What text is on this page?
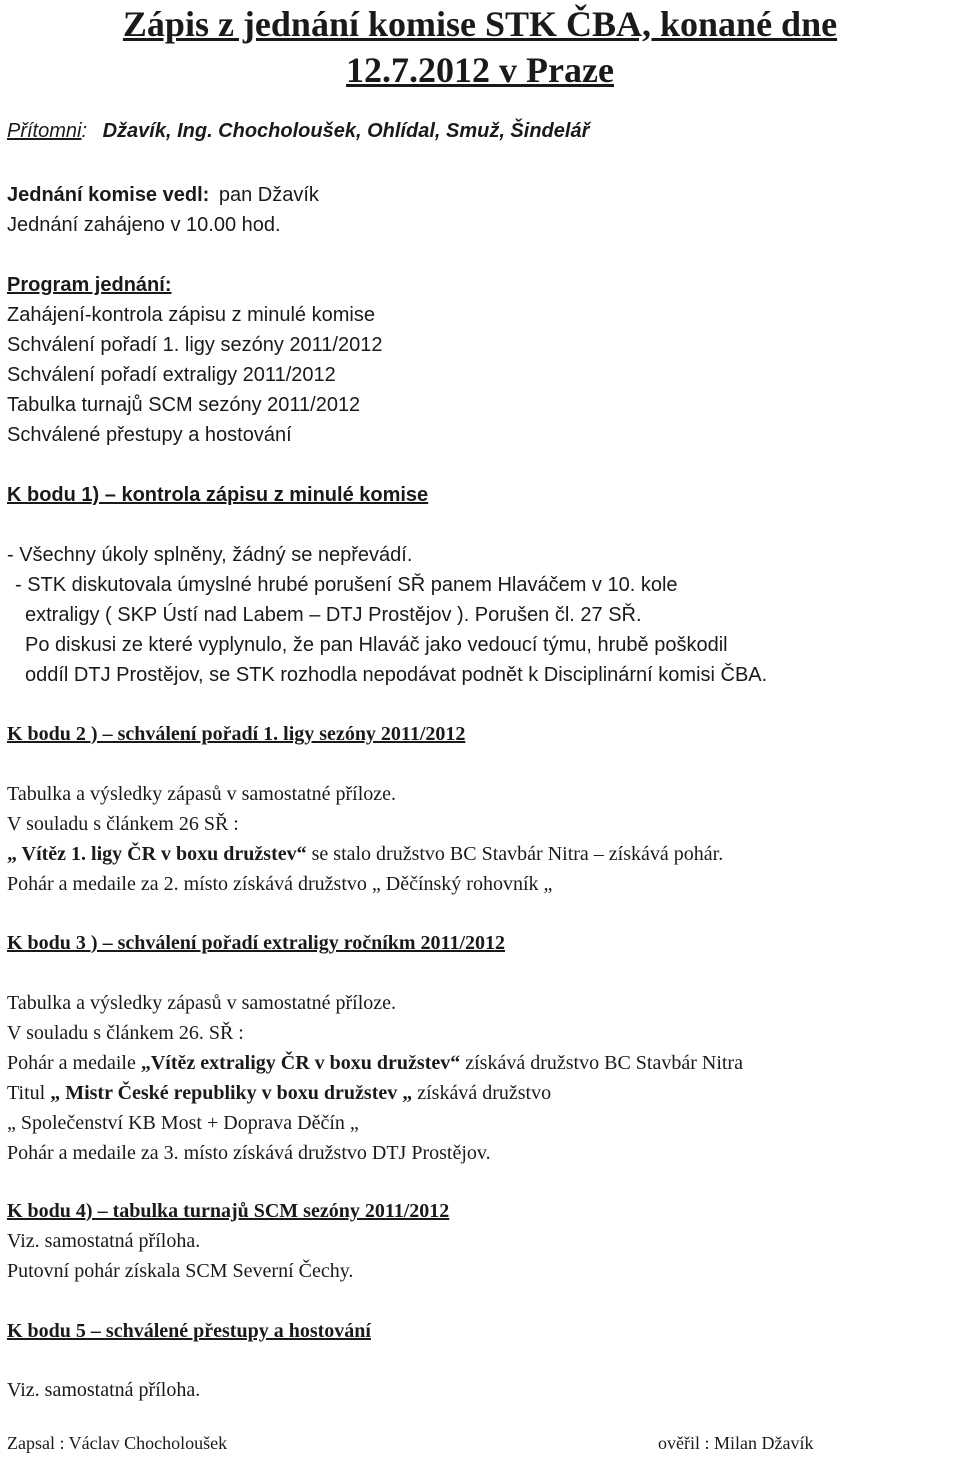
Zápis z jednání komise STK ČBA, konané dne
12.7.2012 v Praze
Přítomni: Džavík, Ing. Chocholoušek, Ohlídal, Smuž, Šindelář
Jednání komise vedl: pan Džavík
Jednání zahájeno v 10.00 hod.
Program jednání:
Zahájení-kontrola zápisu z minulé komise
Schválení pořadí 1. ligy sezóny 2011/2012
Schválení pořadí extraligy 2011/2012
Tabulka turnajů SCM sezóny 2011/2012
Schválené přestupy a hostování
K bodu 1) – kontrola zápisu z minulé komise
- Všechny úkoly splněny, žádný se nepřevádí.
- STK diskutovala úmyslné hrubé porušení SŘ panem Hlaváčem v 10. kole
extraligy ( SKP Ústí nad Labem – DTJ Prostějov ). Porušen čl. 27 SŘ.
Po diskusi ze které vyplynulo, že pan Hlaváč jako vedoucí týmu, hrubě poškodil
oddíl DTJ Prostějov, se STK rozhodla nepodávat podnět k Disciplinární komisi ČBA.
K bodu 2 ) – schválení pořadí 1. ligy sezóny 2011/2012
Tabulka a výsledky zápasů v samostatné příloze.
V souladu s článkem 26 SŘ :
„ Vítěz 1. ligy ČR v boxu družstev“ se stalo družstvo BC Stavbár Nitra – získává pohár.
Pohár a medaile za 2. místo získává družstvo „ Děčínský rohovník „
K bodu 3 ) – schválení pořadí extraligy ročníkm 2011/2012
Tabulka a výsledky zápasů v samostatné příloze.
V souladu s článkem 26. SŘ :
Pohár a medaile „Vítěz extraligy ČR v boxu družstev“ získává družstvo BC Stavbár Nitra
Titul „ Mistr České republiky v boxu družstev „ získává družstvo
„ Společenství KB Most + Doprava Děčín „
Pohár a medaile za 3. místo získává družstvo DTJ Prostějov.
K bodu 4) – tabulka turnajů SCM sezóny 2011/2012
Viz. samostatná příloha.
Putovní pohár získala SCM Severní Čechy.
K bodu 5 – schválené přestupy a hostování
Viz. samostatná příloha.
Zapsal : Václav Chocholoušek	ověřil : Milan Džavík
